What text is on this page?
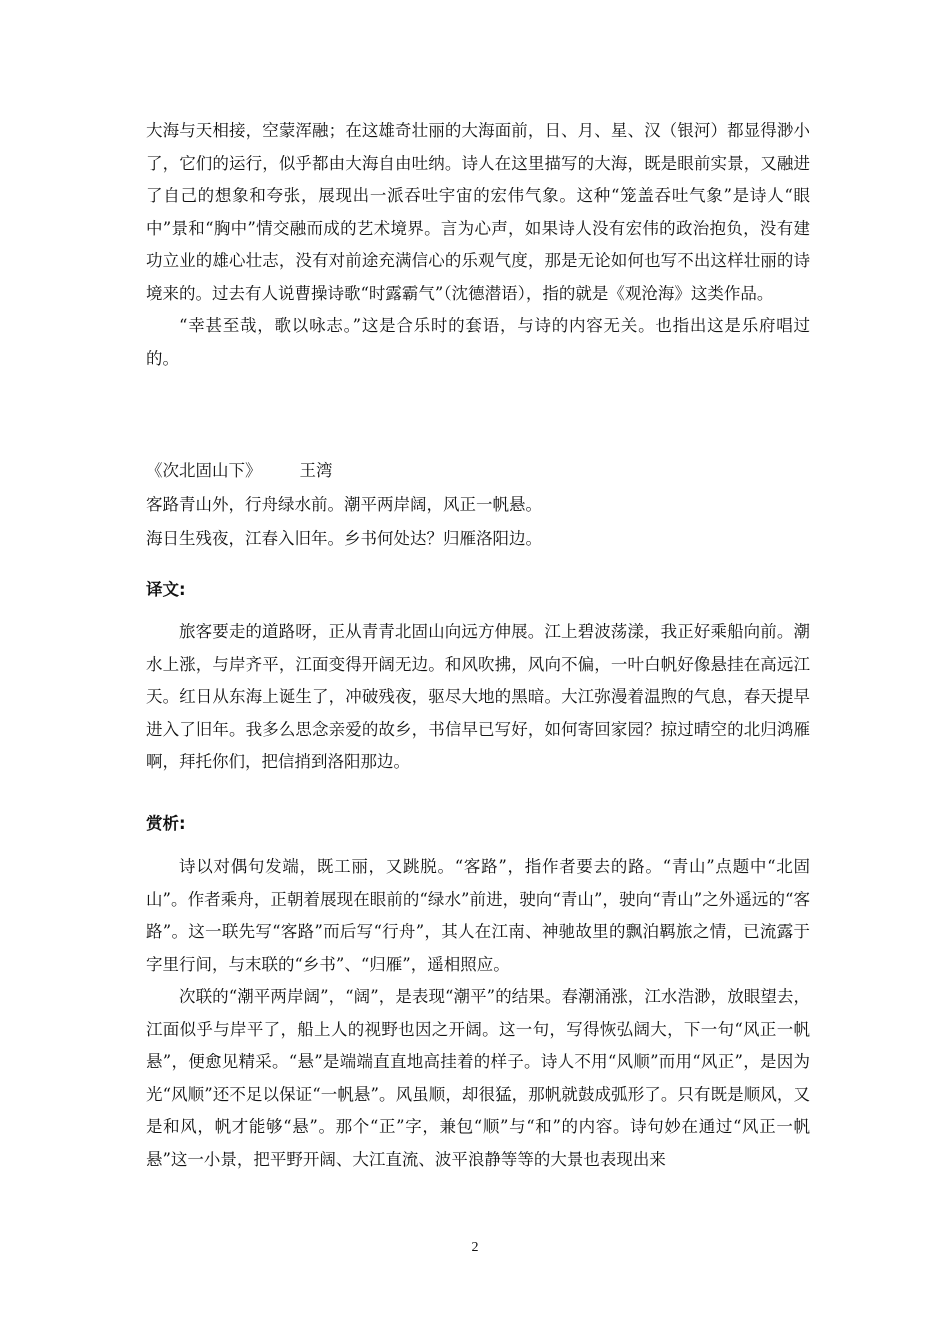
大海与天相接，空蒙浑融；在这雄奇壮丽的大海面前，日、月、星、汉（银河）都显得渺小了，它们的运行，似乎都由大海自由吐纳。诗人在这里描写的大海，既是眼前实景，又融进了自己的想象和夸张，展现出一派吞吐宇宙的宏伟气象。这种“笼盖吞吐气象”是诗人“眼中”景和“胸中”情交融而成的艺术境界。言为心声，如果诗人没有宏伟的政治抱负，没有建功立业的雄心壮志，没有对前途充满信心的乐观气度，那是无论如何也写不出这样壮丽的诗境来的。过去有人说曹操诗歌“时露霸气”（沈德潜语），指的就是《观沧海》这类作品。

“幸甚至哉，歌以咏志。”这是合乐时的套语，与诗的内容无关。也指出这是乐府唱过的。

《次北固山下》 王湾

客路青山外，行舟绿水前。潮平两岸阔，风正一帆悬。

海日生残夜，江春入旧年。乡书何处达？归雁洛阳边。

译文:

旅客要走的道路呀，正从青青北固山向远方伸展。江上碧波荡漾，我正好乘船向前。潮水上涨，与岸齐平，江面变得开阔无边。和风吹拂，风向不偏，一叶白帆好像悬挂在高远江天。红日从东海上诞生了，冲破残夜，驱尽大地的黑暗。大江弥漫着温煦的气息，春天提早进入了旧年。我多么思念亲爱的故乡，书信早已写好，如何寄回家园？掠过晴空的北归鸿雁啊，拜托你们，把信捎到洛阳那边。

赏析:

诗以对偶句发端，既工丽，又跳脱。“客路”，指作者要去的路。“青山”点题中“北固山”。作者乘舟，正朝着展现在眼前的“绿水”前进，驶向“青山”，驶向“青山”之外遥远的“客路”。这一联先写“客路”而后写“行舟”，其人在江南、神驰故里的飘泊羁旅之情，已流露于字里行间，与末联的“乡书”、“归雁”，遥相照应。

次联的“潮平两岸阔”，“阔”，是表现“潮平”的结果。春潮涌涨，江水浩渺，放眼望去，江面似乎与岸平了，船上人的视野也因之开阔。这一句，写得恢弘阔大，下一句“风正一帆悬”，便愈见精采。“悬”是端端直直地高挂着的样子。诗人不用“风顺”而用“风正”，是因为光“风顺”还不足以保证“一帆悬”。风虽顺，却很猛，那帆就鼓成弧形了。只有既是顺风，又是和风，帆才能够“悬”。那个“正”字，兼包“顺”与“和”的内容。诗句妙在通过“风正一帆悬”这一小景，把平野开阔、大江直流、波平浪静等等的大景也表现出来

2
